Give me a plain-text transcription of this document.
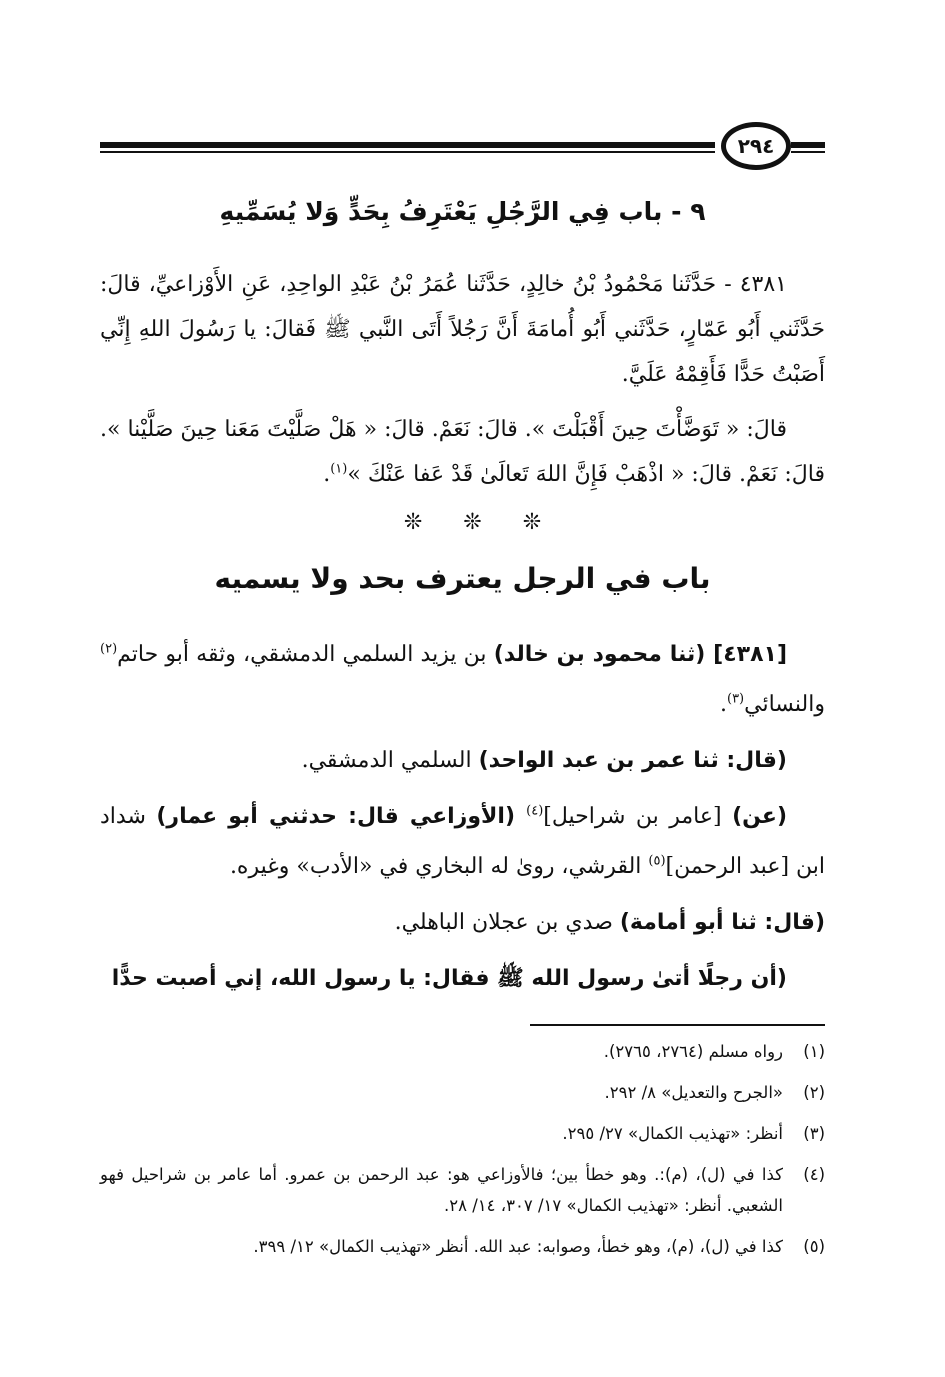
٢٩٤
٩ - باب فِي الرَّجُلِ يَعْتَرِفُ بِحَدٍّ وَلا يُسَمِّيهِ

٤٣٨١ - حَدَّثَنا مَحْمُودُ بْنُ خالِدٍ، حَدَّثَنا عُمَرُ بْنُ عَبْدِ الواحِدِ، عَنِ الأَوْزاعيِّ، قالَ: حَدَّثَني أَبُو عَمّارٍ، حَدَّثَني أَبُو أُمامَةَ أَنَّ رَجُلاً أَتَى النَّبي ﷺ فَقالَ: يا رَسُولَ اللهِ إِنِّي أَصَبْتُ حَدًّا فَأَقِمْهُ عَلَيَّ.

قالَ: « تَوَضَّأْتَ حِينَ أَقْبَلْتَ ». قالَ: نَعَمْ. قالَ: « هَلْ صَلَّيْتَ مَعَنا حِينَ صَلَّيْنا ». قالَ: نَعَمْ. قالَ: « اذْهَبْ فَإِنَّ اللهَ تَعالَىٰ قَدْ عَفا عَنْكَ »$^{(١)}$.

❊ ❊ ❊
باب في الرجل يعترف بحد ولا يسميه

[٤٣٨١] (ثنا محمود بن خالد) بن يزيد السلمي الدمشقي، وثقه أبو حاتم$^{(٢)}$ والنسائي$^{(٣)}$.

(قال: ثنا عمر بن عبد الواحد) السلمي الدمشقي.

(عن) [عامر بن شراحيل]$^{(٤)}$ (الأوزاعي قال: حدثني أبو عمار) شداد ابن [عبد الرحمن]$^{(٥)}$ القرشي، روىٰ له البخاري في «الأدب» وغيره.

(قال: ثنا أبو أمامة) صدي بن عجلان الباهلي.

(أن رجلًا أتىٰ رسول الله ﷺ فقال: يا رسول الله، إني أصبت حدًّا

(١)
رواه مسلم (٢٧٦٤، ٢٧٦٥).
(٢)
«الجرح والتعديل» ٨/ ٢٩٢.
(٣)
أنظر: «تهذيب الكمال» ٢٧/ ٢٩٥.
(٤)
كذا في (ل)، (م):. وهو خطأ بين؛ فالأوزاعي هو: عبد الرحمن بن عمرو. أما عامر بن شراحيل فهو الشعبي. أنظر: «تهذيب الكمال» ١٧/ ٣٠٧، ١٤/ ٢٨.
(٥)
كذا في (ل)، (م)، وهو خطأ، وصوابه: عبد الله. أنظر «تهذيب الكمال» ١٢/ ٣٩٩.
